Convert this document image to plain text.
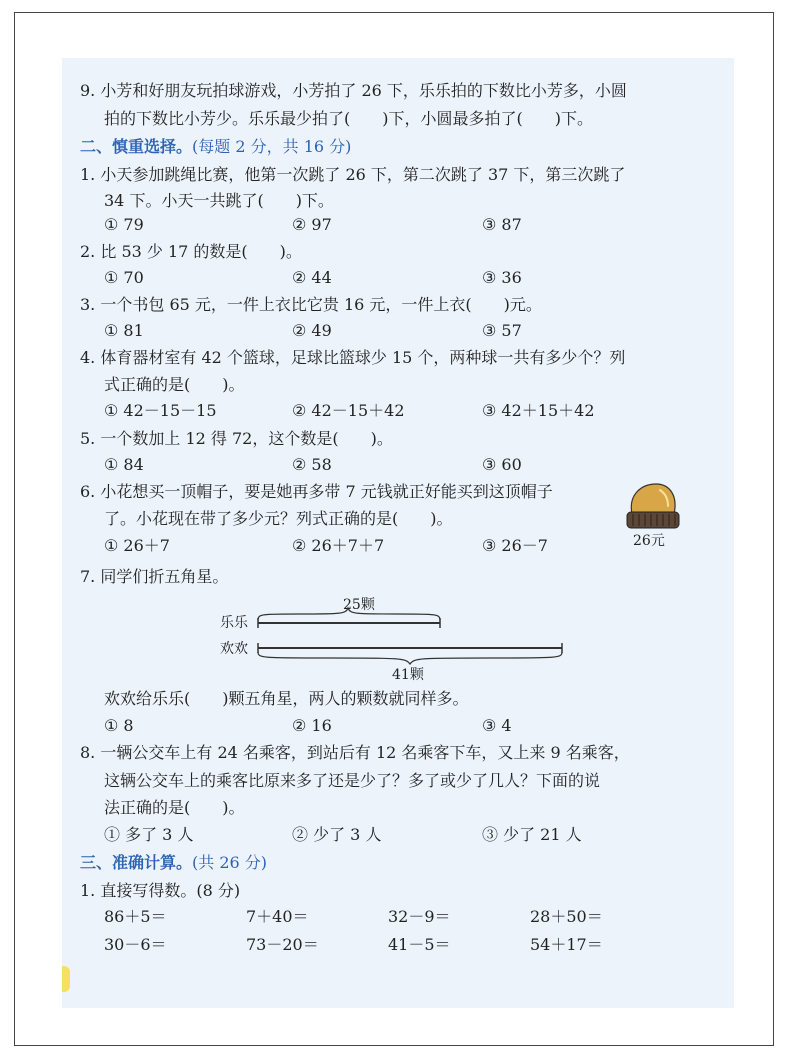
9. 小芳和好朋友玩拍球游戏，小芳拍了 26 下，乐乐拍的下数比小芳多，小圆
拍的下数比小芳少。乐乐最少拍了(　　)下，小圆最多拍了(　　)下。
二、慎重选择。(每题 2 分，共 16 分)
1. 小天参加跳绳比赛，他第一次跳了 26 下，第二次跳了 37 下，第三次跳了
34 下。小天一共跳了(　　)下。
① 79	② 97	③ 87
2. 比 53 少 17 的数是(　　)。
① 70	② 44	③ 36
3. 一个书包 65 元，一件上衣比它贵 16 元，一件上衣(　　)元。
① 81	② 49	③ 57
4. 体育器材室有 42 个篮球，足球比篮球少 15 个，两种球一共有多少个？列
式正确的是(　　)。
① 42－15－15	② 42－15＋42	③ 42＋15＋42
5. 一个数加上 12 得 72，这个数是(　　)。
① 84	② 58	③ 60
6. 小花想买一顶帽子，要是她再多带 7 元钱就正好能买到这顶帽子
了。小花现在带了多少元？列式正确的是(　　)。
① 26＋7	② 26＋7＋7	③ 26－7	26元
7. 同学们折五角星。
25颗
乐乐
欢欢
41颗
欢欢给乐乐(　　)颗五角星，两人的颗数就同样多。
① 8	② 16	③ 4
8. 一辆公交车上有 24 名乘客，到站后有 12 名乘客下车，又上来 9 名乘客，
这辆公交车上的乘客比原来多了还是少了？多了或少了几人？下面的说
法正确的是(　　)。
① 多了 3 人	② 少了 3 人	③ 少了 21 人
三、准确计算。(共 26 分)
1. 直接写得数。(8 分)
86＋5＝	7＋40＝	32－9＝	28＋50＝
30－6＝	73－20＝	41－5＝	54＋17＝
